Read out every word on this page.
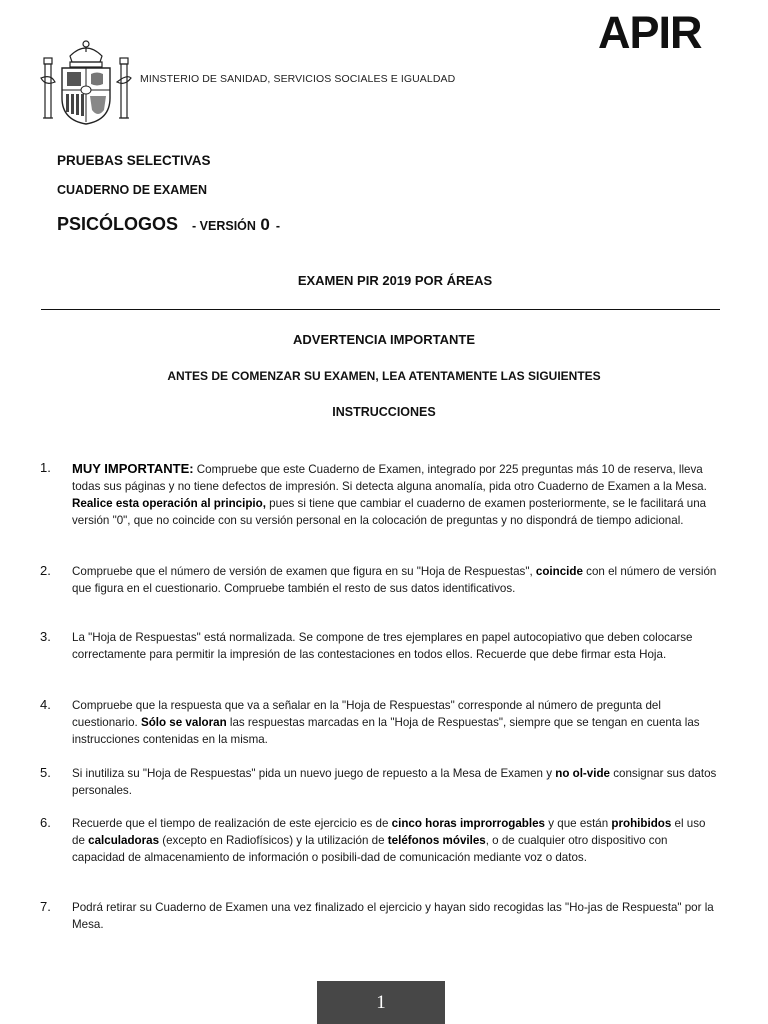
MINSTERIO DE SANIDAD, SERVICIOS SOCIALES E IGUALDAD
APIR
PRUEBAS SELECTIVAS
CUADERNO DE EXAMEN
PSICÓLOGOS - VERSIÓN 0 -
EXAMEN PIR 2019 POR ÁREAS
ADVERTENCIA IMPORTANTE
ANTES DE COMENZAR SU EXAMEN, LEA ATENTAMENTE LAS SIGUIENTES
INSTRUCCIONES
1.	MUY IMPORTANTE: Compruebe que este Cuaderno de Examen, integrado por 225 preguntas más 10 de reserva, lleva todas sus páginas y no tiene defectos de impresión. Si detecta alguna anomalía, pida otro Cuaderno de Examen a la Mesa. Realice esta operación al principio, pues si tiene que cambiar el cuaderno de examen posteriormente, se le facilitará una versión "0", que no coincide con su versión personal en la colocación de preguntas y no dispondrá de tiempo adicional.
2.	Compruebe que el número de versión de examen que figura en su "Hoja de Respuestas", coincide con el número de versión que figura en el cuestionario. Compruebe también el resto de sus datos identificativos.
3.	La "Hoja de Respuestas" está normalizada. Se compone de tres ejemplares en papel autocopiativo que deben colocarse correctamente para permitir la impresión de las contestaciones en todos ellos. Recuerde que debe firmar esta Hoja.
4.	Compruebe que la respuesta que va a señalar en la "Hoja de Respuestas" corresponde al número de pregunta del cuestionario. Sólo se valoran las respuestas marcadas en la "Hoja de Respuestas", siempre que se tengan en cuenta las instrucciones contenidas en la misma.
5.	Si inutiliza su "Hoja de Respuestas" pida un nuevo juego de repuesto a la Mesa de Examen y no ol-vide consignar sus datos personales.
6.	Recuerde que el tiempo de realización de este ejercicio es de cinco horas improrrogables y que están prohibidos el uso de calculadoras (excepto en Radiofísicos) y la utilización de teléfonos móviles, o de cualquier otro dispositivo con capacidad de almacenamiento de información o posibili-dad de comunicación mediante voz o datos.
7.	Podrá retirar su Cuaderno de Examen una vez finalizado el ejercicio y hayan sido recogidas las "Ho-jas de Respuesta" por la Mesa.
1
